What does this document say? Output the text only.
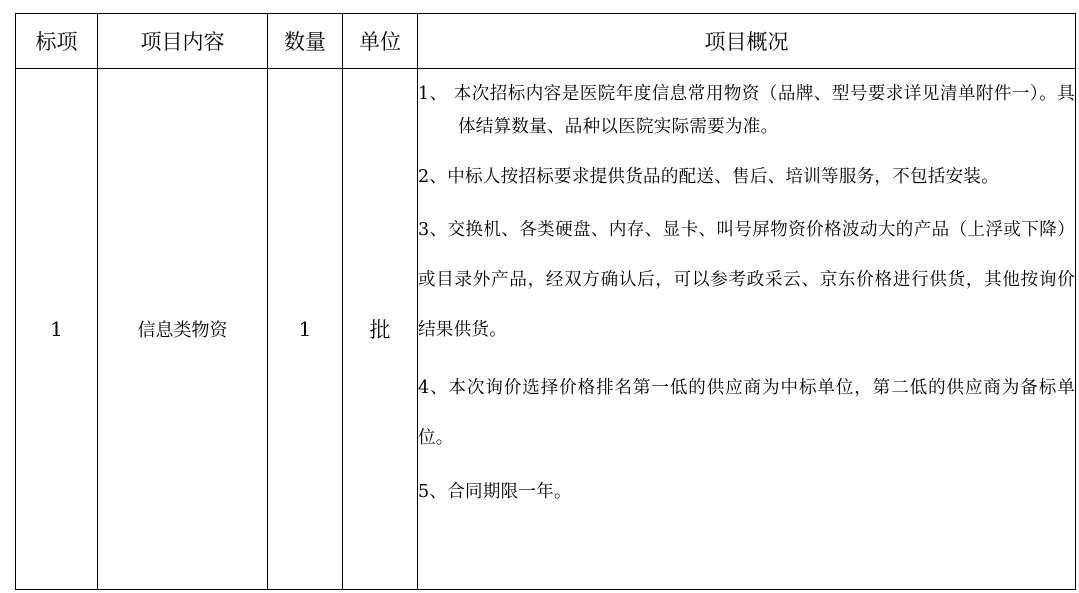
标项	项目内容	数量	单位	项目概况
1	信息类物资	1	批	1、 本次招标内容是医院年度信息常用物资（品牌、型号要求详见清单附件一）。具体结算数量、品种以医院实际需要为准。

2、中标人按招标要求提供货品的配送、售后、培训等服务，不包括安装。

3、交换机、各类硬盘、内存、显卡、叫号屏物资价格波动大的产品（上浮或下降）或目录外产品，经双方确认后，可以参考政采云、京东价格进行供货，其他按询价结果供货。

4、本次询价选择价格排名第一低的供应商为中标单位，第二低的供应商为备标单位。

5、合同期限一年。
